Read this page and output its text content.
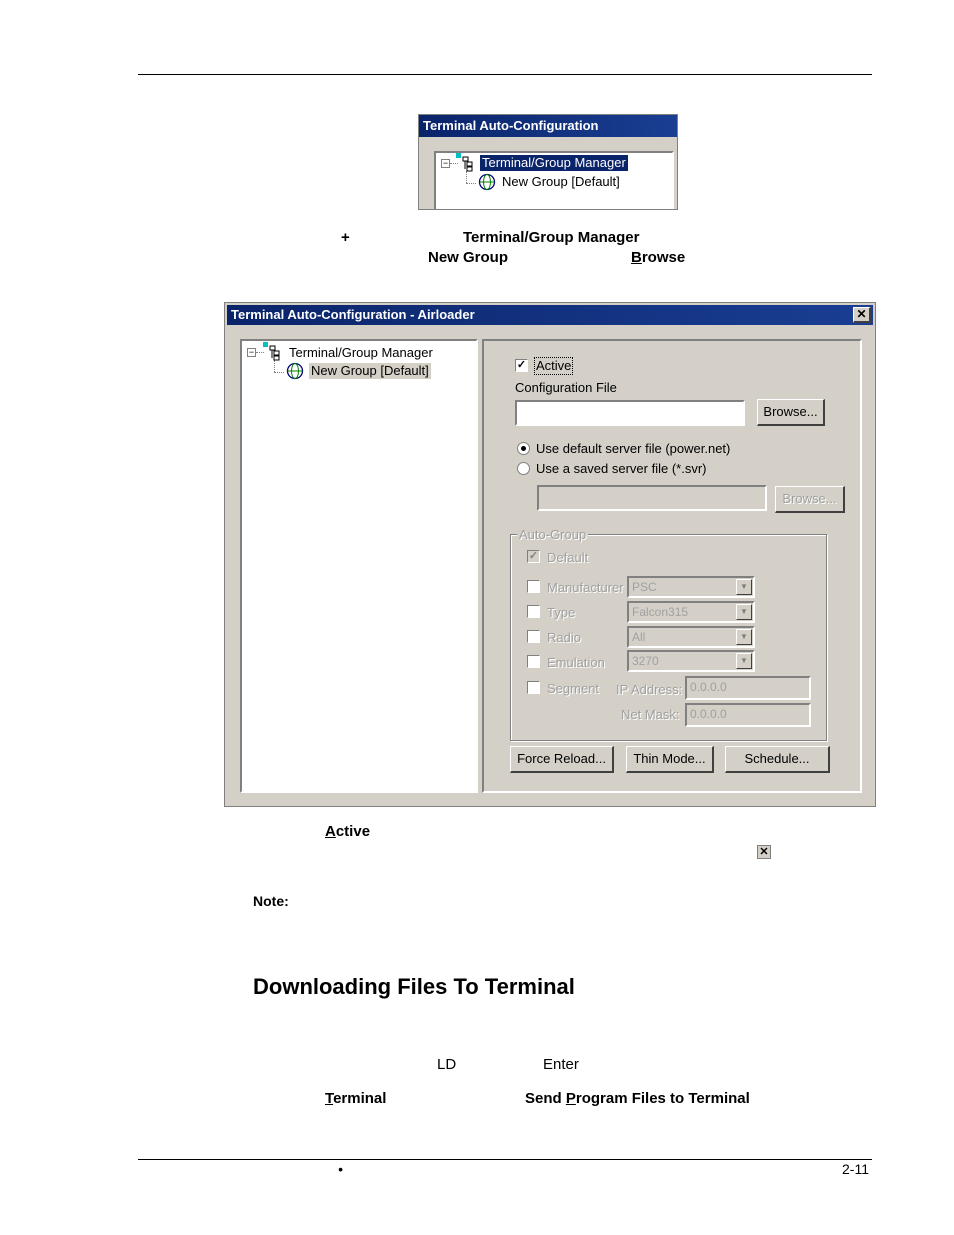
Terminal Auto-Configuration
−	Terminal/Group Manager
New Group [Default]
+	Terminal/Group Manager
New Group	Browse
Terminal Auto-Configuration - Airloader	✕
−	Terminal/Group Manager
New Group [Default]	✓ Active
Configuration File
Browse...
Use default server file (power.net)
Use a saved server file (*.svr)
Browse...
Auto-Group
✓ Default
Manufacturer PSC	▼
Type	Falcon315	▼
Radio	All	▼
Emulation	3270	▼
Segment IP Address: 0.0.0.0
Net Mask: 0.0.0.0
Force Reload...	Thin Mode...	Schedule...
Active
✕
Note:
Downloading Files To Terminal
LD	Enter
Terminal	Send Program Files to Terminal
•	2-11
